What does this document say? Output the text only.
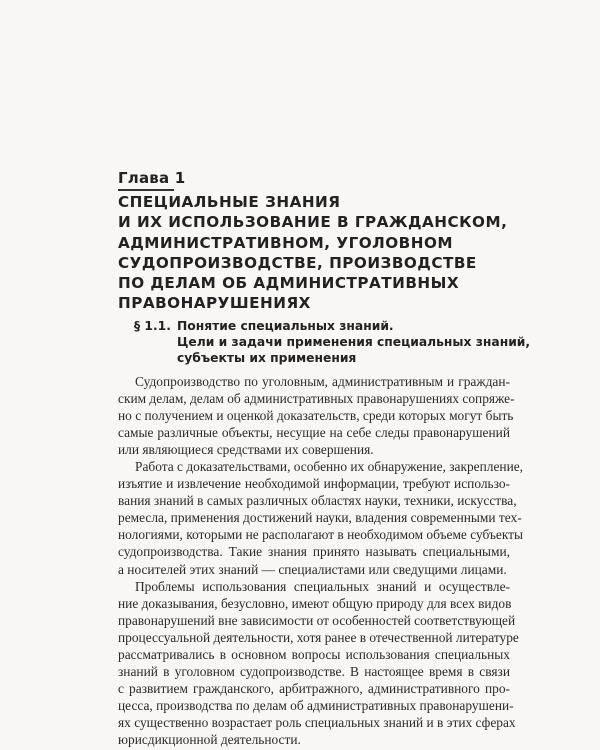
Глава 1
СПЕЦИАЛЬНЫЕ ЗНАНИЯ
И ИХ ИСПОЛЬЗОВАНИЕ В ГРАЖДАНСКОМ,
АДМИНИСТРАТИВНОМ, УГОЛОВНОМ
СУДОПРОИЗВОДСТВЕ, ПРОИЗВОДСТВЕ
ПО ДЕЛАМ ОБ АДМИНИСТРАТИВНЫХ
ПРАВОНАРУШЕНИЯХ
§ 1.1. Понятие специальных знаний.
Цели и задачи применения специальных знаний,
субъекты их применения

Судопроизводство по уголовным, административным и граждан-
ским делам, делам об административных правонарушениях сопряже-
но с получением и оценкой доказательств, среди которых могут быть
самые различные объекты, несущие на себе следы правонарушений
или являющиеся средствами их совершения.

Работа с доказательствами, особенно их обнаружение, закрепление,
изъятие и извлечение необходимой информации, требуют использо-
вания знаний в самых различных областях науки, техники, искусства,
ремесла, применения достижений науки, владения современными тех-
нологиями, которыми не располагают в необходимом объеме субъекты
судопроизводства. Такие знания принято называть специальными,
а носителей этих знаний — специалистами или сведущими лицами.

Проблемы использования специальных знаний и осуществле-
ние доказывания, безусловно, имеют общую природу для всех видов
правонарушений вне зависимости от особенностей соответствующей
процессуальной деятельности, хотя ранее в отечественной литературе
рассматривались в основном вопросы использования специальных
знаний в уголовном судопроизводстве. В настоящее время в связи
с развитием гражданского, арбитражного, административного про-
цесса, производства по делам об административных правонарушени-
ях существенно возрастает роль специальных знаний и в этих сферах
юрисдикционной деятельности.
